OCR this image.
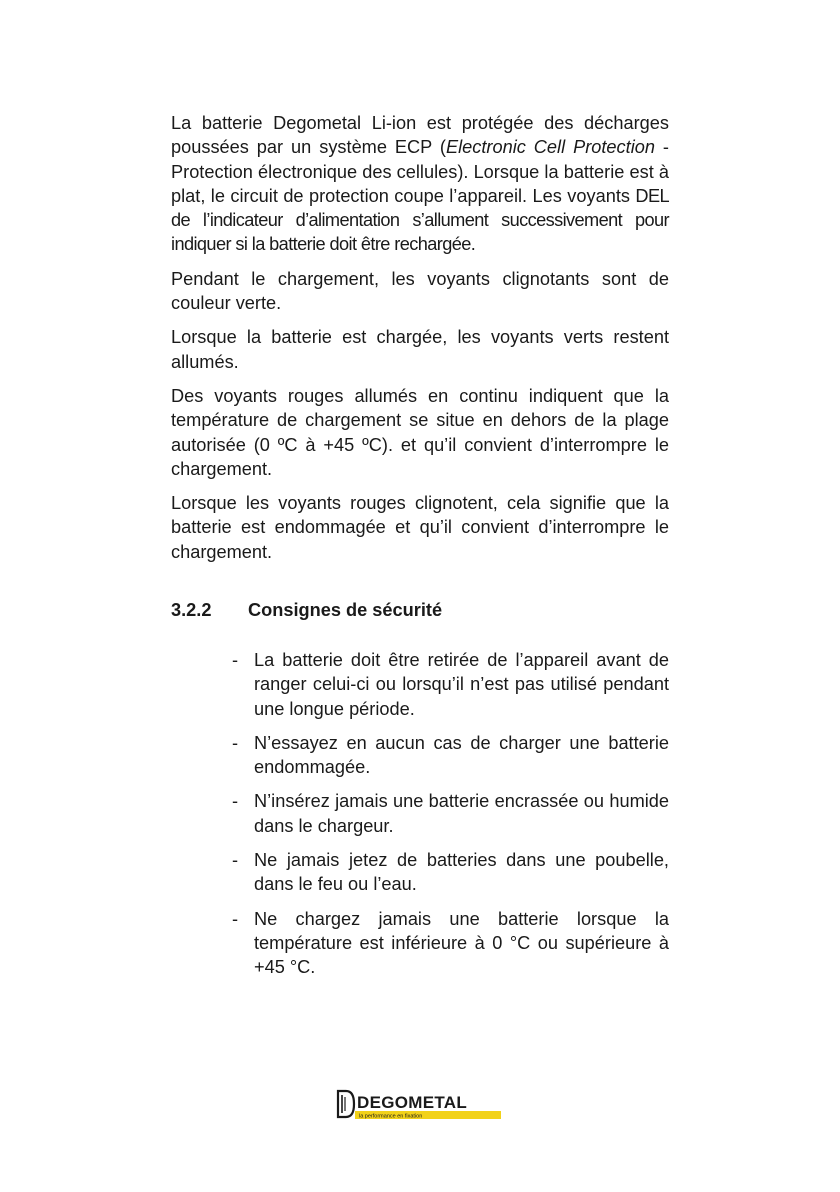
La batterie Degometal Li-ion est protégée des décharges poussées par un système ECP (Electronic Cell Protection - Protection électronique des cellules). Lorsque la batterie est à plat, le circuit de protection coupe l’appareil. Les voyants DEL de l’indicateur d’alimentation s’allument successivement pour indiquer si la batterie doit être rechargée.

Pendant le chargement, les voyants clignotants sont de couleur verte.

Lorsque la batterie est chargée, les voyants verts restent allumés.

Des voyants rouges allumés en continu indiquent que la température de chargement se situe en dehors de la plage autorisée (0 ºC à +45 ºC). et qu’il convient d’interrompre le chargement.

Lorsque les voyants rouges clignotent, cela signifie que la batterie est endommagée et qu’il convient d’interrompre le chargement.

3.2.2 Consignes de sécurité
- La batterie doit être retirée de l’appareil avant de ranger celui-ci ou lorsqu’il n’est pas utilisé pendant une longue période.
- N’essayez en aucun cas de charger une batterie endommagée.
- N’insérez jamais une batterie encrassée ou humide dans le chargeur.
- Ne jamais jetez de batteries dans une poubelle, dans le feu ou l’eau.
- Ne chargez jamais une batterie lorsque la température est inférieure à 0 °C ou supérieure à +45 °C.
DEGOMETAL
la performance en fixation
